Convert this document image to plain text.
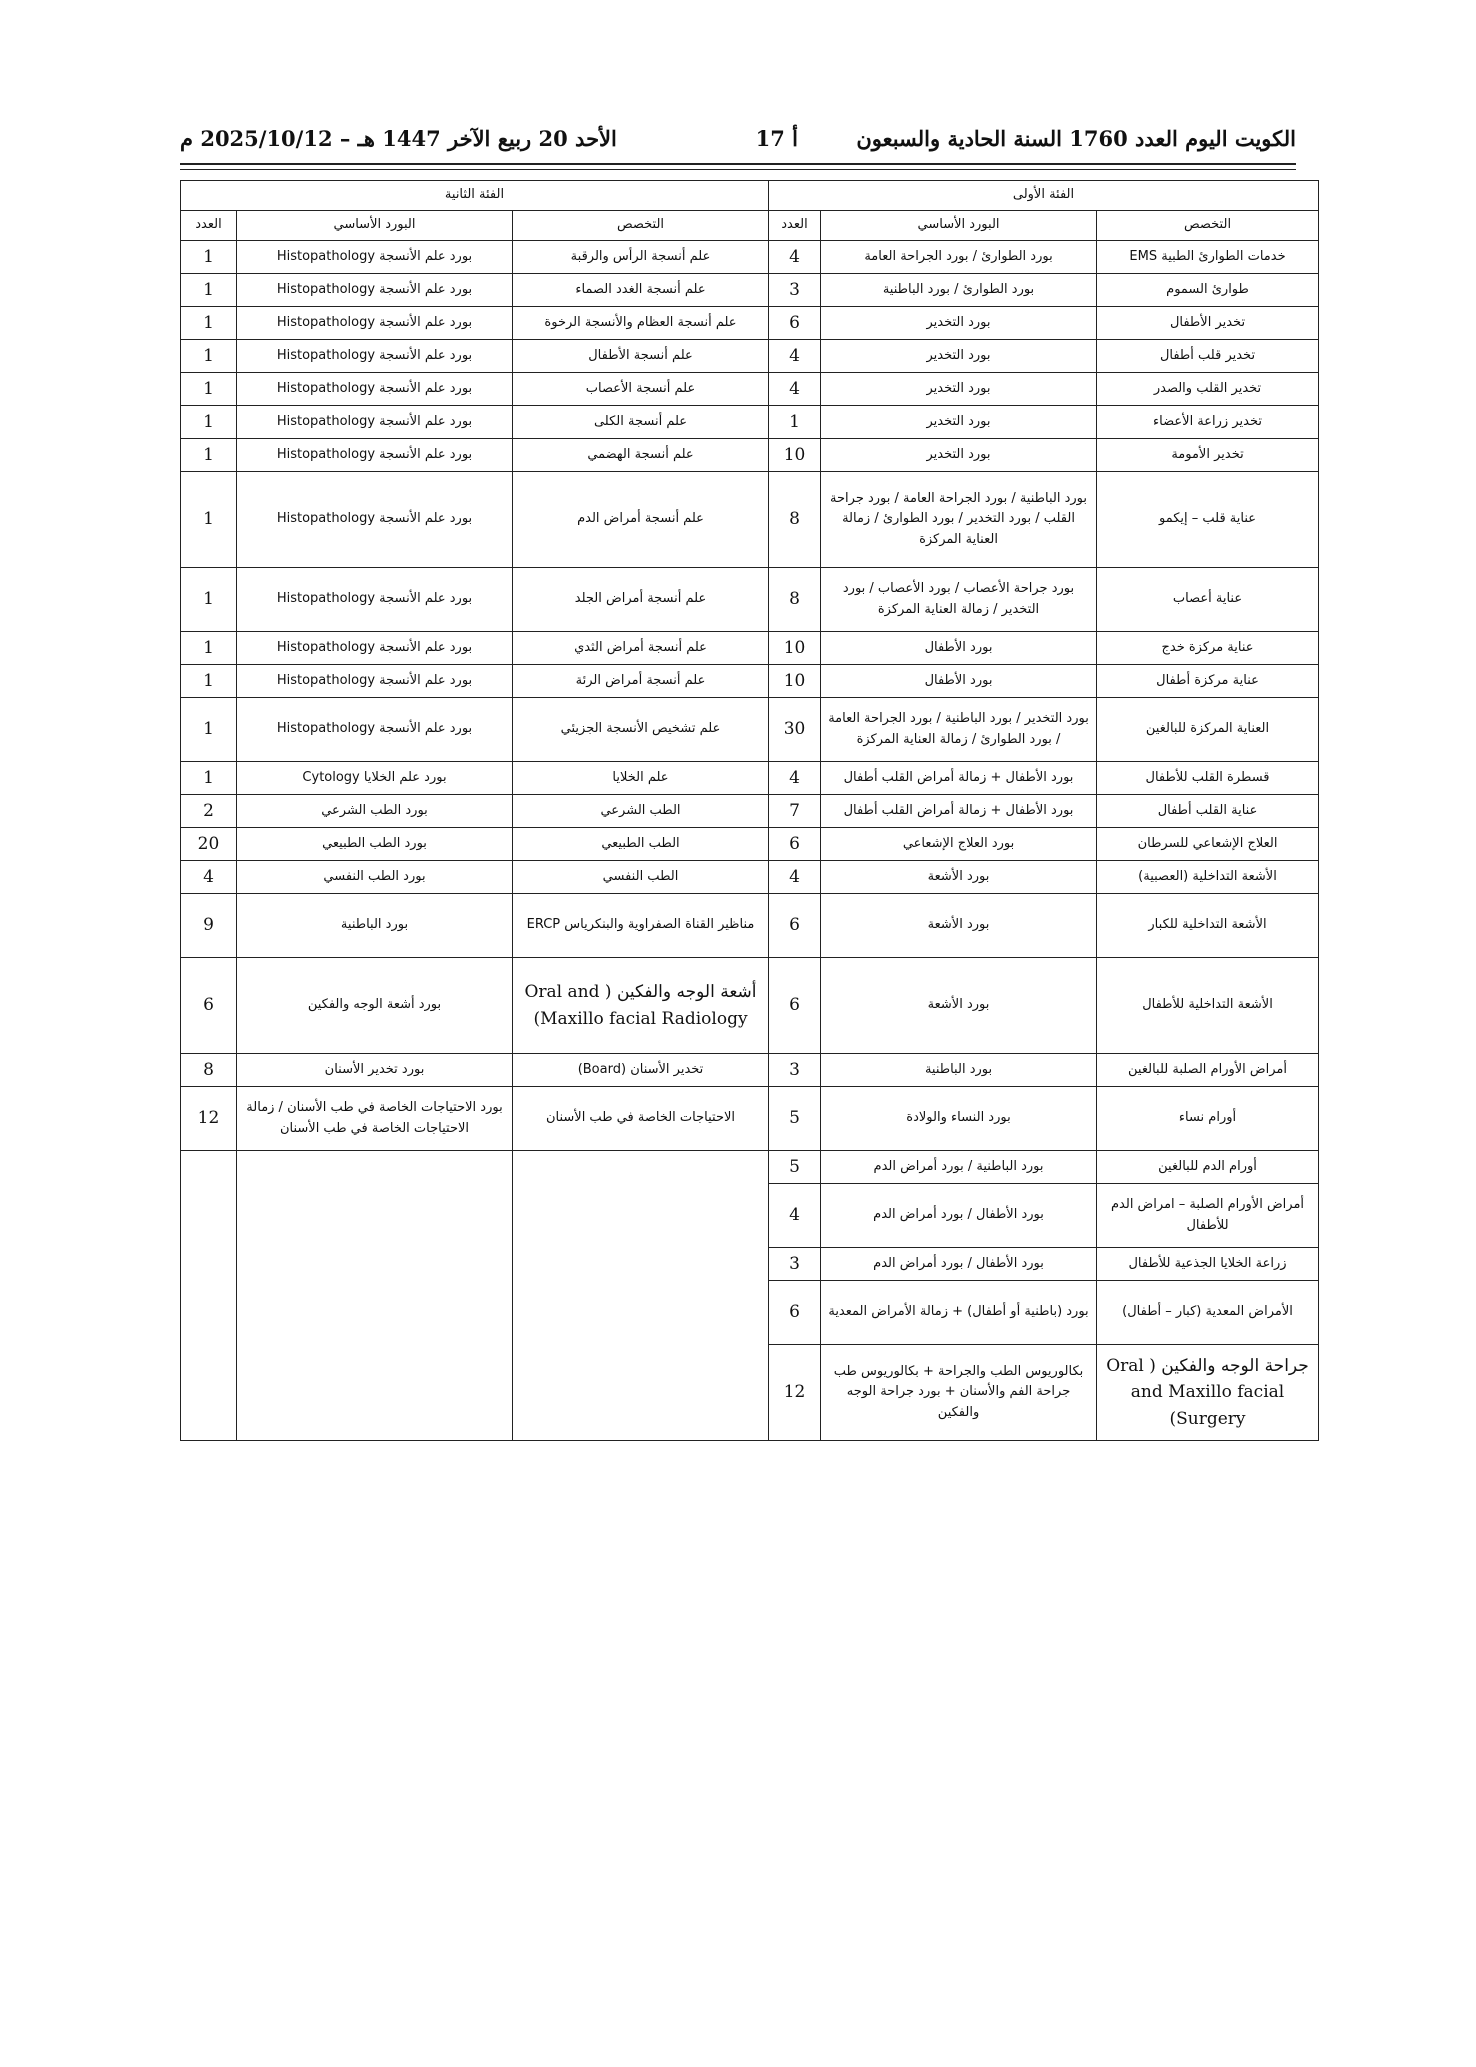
الكويت اليوم العدد 1760 السنة الحادية والسبعون
أ 17
الأحد 20 ربيع الآخر 1447 هـ – 2025/10/12 م
الفئة الأولى			الفئة الثانية		
التخصص	البورد الأساسي	العدد	التخصص	البورد الأساسي	العدد
خدمات الطوارئ الطبية EMS	بورد الطوارئ / بورد الجراحة العامة	4	علم أنسجة الرأس والرقبة	بورد علم الأنسجة Histopathology	1
طوارئ السموم	بورد الطوارئ / بورد الباطنية	3	علم أنسجة الغدد الصماء	بورد علم الأنسجة Histopathology	1
تخدير الأطفال	بورد التخدير	6	علم أنسجة العظام والأنسجة الرخوة	بورد علم الأنسجة Histopathology	1
تخدير قلب أطفال	بورد التخدير	4	علم أنسجة الأطفال	بورد علم الأنسجة Histopathology	1
تخدير القلب والصدر	بورد التخدير	4	علم أنسجة الأعصاب	بورد علم الأنسجة Histopathology	1
تخدير زراعة الأعضاء	بورد التخدير	1	علم أنسجة الكلى	بورد علم الأنسجة Histopathology	1
تخدير الأمومة	بورد التخدير	10	علم أنسجة الهضمي	بورد علم الأنسجة Histopathology	1
عناية قلب – إيكمو	بورد الباطنية / بورد الجراحة العامة / بورد جراحة القلب / بورد التخدير / بورد الطوارئ / زمالة العناية المركزة	8	علم أنسجة أمراض الدم	بورد علم الأنسجة Histopathology	1
عناية أعصاب	بورد جراحة الأعصاب / بورد الأعصاب / بورد التخدير / زمالة العناية المركزة	8	علم أنسجة أمراض الجلد	بورد علم الأنسجة Histopathology	1
عناية مركزة خدج	بورد الأطفال	10	علم أنسجة أمراض الثدي	بورد علم الأنسجة Histopathology	1
عناية مركزة أطفال	بورد الأطفال	10	علم أنسجة أمراض الرئة	بورد علم الأنسجة Histopathology	1
العناية المركزة للبالغين	بورد التخدير / بورد الباطنية / بورد الجراحة العامة / بورد الطوارئ / زمالة العناية المركزة	30	علم تشخيص الأنسجة الجزيئي	بورد علم الأنسجة Histopathology	1
قسطرة القلب للأطفال	بورد الأطفال + زمالة أمراض القلب أطفال	4	علم الخلايا	بورد علم الخلايا Cytology	1
عناية القلب أطفال	بورد الأطفال + زمالة أمراض القلب أطفال	7	الطب الشرعي	بورد الطب الشرعي	2
العلاج الإشعاعي للسرطان	بورد العلاج الإشعاعي	6	الطب الطبيعي	بورد الطب الطبيعي	20
الأشعة التداخلية (العصبية)	بورد الأشعة	4	الطب النفسي	بورد الطب النفسي	4
الأشعة التداخلية للكبار	بورد الأشعة	6	مناظير القناة الصفراوية والبنكرياس ERCP	بورد الباطنية	9
الأشعة التداخلية للأطفال	بورد الأشعة	6	أشعة الوجه والفكين ( Oral and Maxillo facial Radiology)	بورد أشعة الوجه والفكين	6
أمراض الأورام الصلبة للبالغين	بورد الباطنية	3	تخدير الأسنان (Board)	بورد تخدير الأسنان	8
أورام نساء	بورد النساء والولادة	5	الاحتياجات الخاصة في طب الأسنان	بورد الاحتياجات الخاصة في طب الأسنان / زمالة الاحتياجات الخاصة في طب الأسنان	12
أورام الدم للبالغين	بورد الباطنية / بورد أمراض الدم	5			
أمراض الأورام الصلبة – امراض الدم للأطفال	بورد الأطفال / بورد أمراض الدم	4			
زراعة الخلايا الجذعية للأطفال	بورد الأطفال / بورد أمراض الدم	3			
الأمراض المعدية (كبار – أطفال)	بورد (باطنية أو أطفال) + زمالة الأمراض المعدية	6			
جراحة الوجه والفكين ( Oral and Maxillo facial Surgery)	بكالوريوس الطب والجراحة + بكالوريوس طب جراحة الفم والأسنان + بورد جراحة الوجه والفكين	12			
